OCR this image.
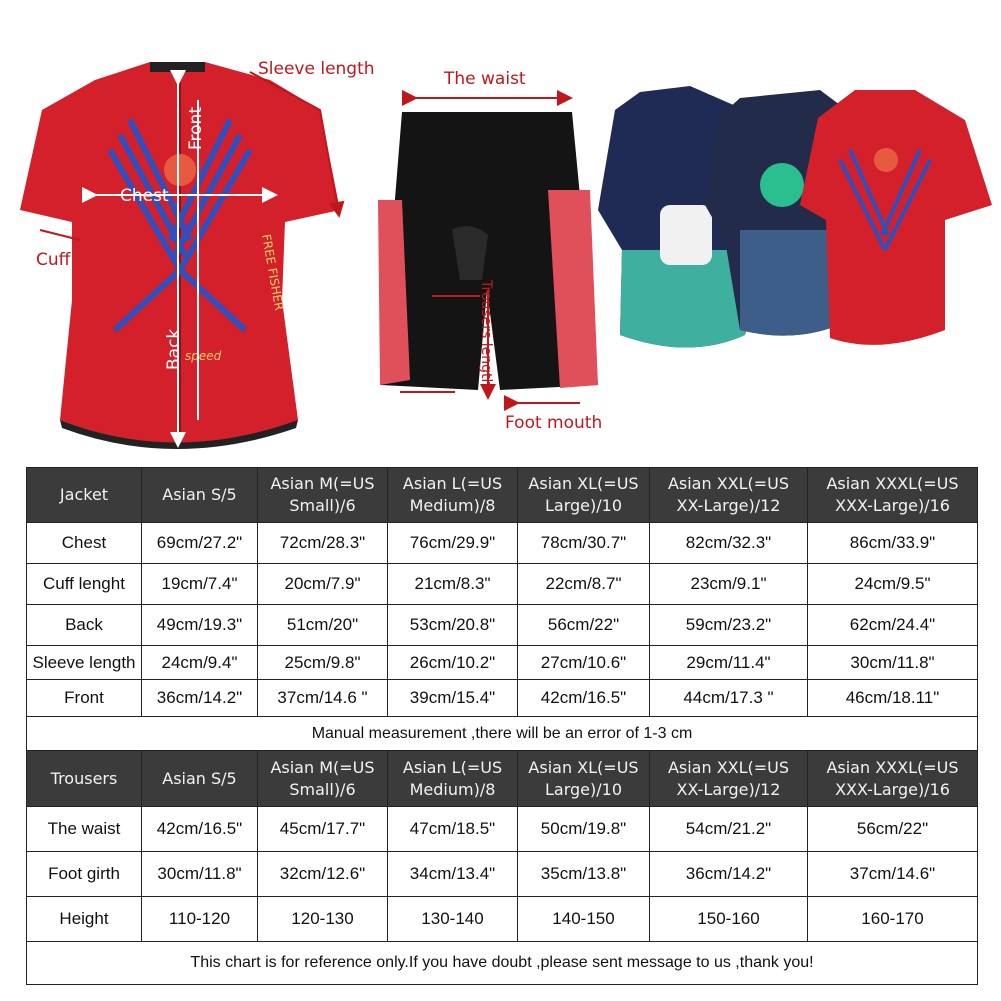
speed
FREE FISHER
Sleeve length
Chest
Front
Cuff
Back
The waist
Trousers length
Foot mouth
Jacket	Asian S/5	Asian M(=US Small)/6	Asian L(=US Medium)/8	Asian XL(=US Large)/10	Asian XXL(=US XX-Large)/12	Asian XXXL(=US XXX-Large)/16
Chest	69cm/27.2"	72cm/28.3"	76cm/29.9"	78cm/30.7"	82cm/32.3"	86cm/33.9"
Cuff lenght	19cm/7.4"	20cm/7.9"	21cm/8.3"	22cm/8.7"	23cm/9.1"	24cm/9.5"
Back	49cm/19.3"	51cm/20"	53cm/20.8"	56cm/22"	59cm/23.2"	62cm/24.4"
Sleeve length	24cm/9.4"	25cm/9.8"	26cm/10.2"	27cm/10.6"	29cm/11.4"	30cm/11.8"
Front	36cm/14.2"	37cm/14.6 "	39cm/15.4"	42cm/16.5"	44cm/17.3 "	46cm/18.11"
Manual measurement ,there will be an error of 1-3 cm						
Trousers	Asian S/5	Asian M(=US Small)/6	Asian L(=US Medium)/8	Asian XL(=US Large)/10	Asian XXL(=US XX-Large)/12	Asian XXXL(=US XXX-Large)/16
The waist	42cm/16.5"	45cm/17.7"	47cm/18.5"	50cm/19.8"	54cm/21.2"	56cm/22"
Foot girth	30cm/11.8"	32cm/12.6"	34cm/13.4"	35cm/13.8"	36cm/14.2"	37cm/14.6"
Height	110-120	120-130	130-140	140-150	150-160	160-170
This chart is for reference only.If you have doubt ,please sent message to us ,thank you!						
